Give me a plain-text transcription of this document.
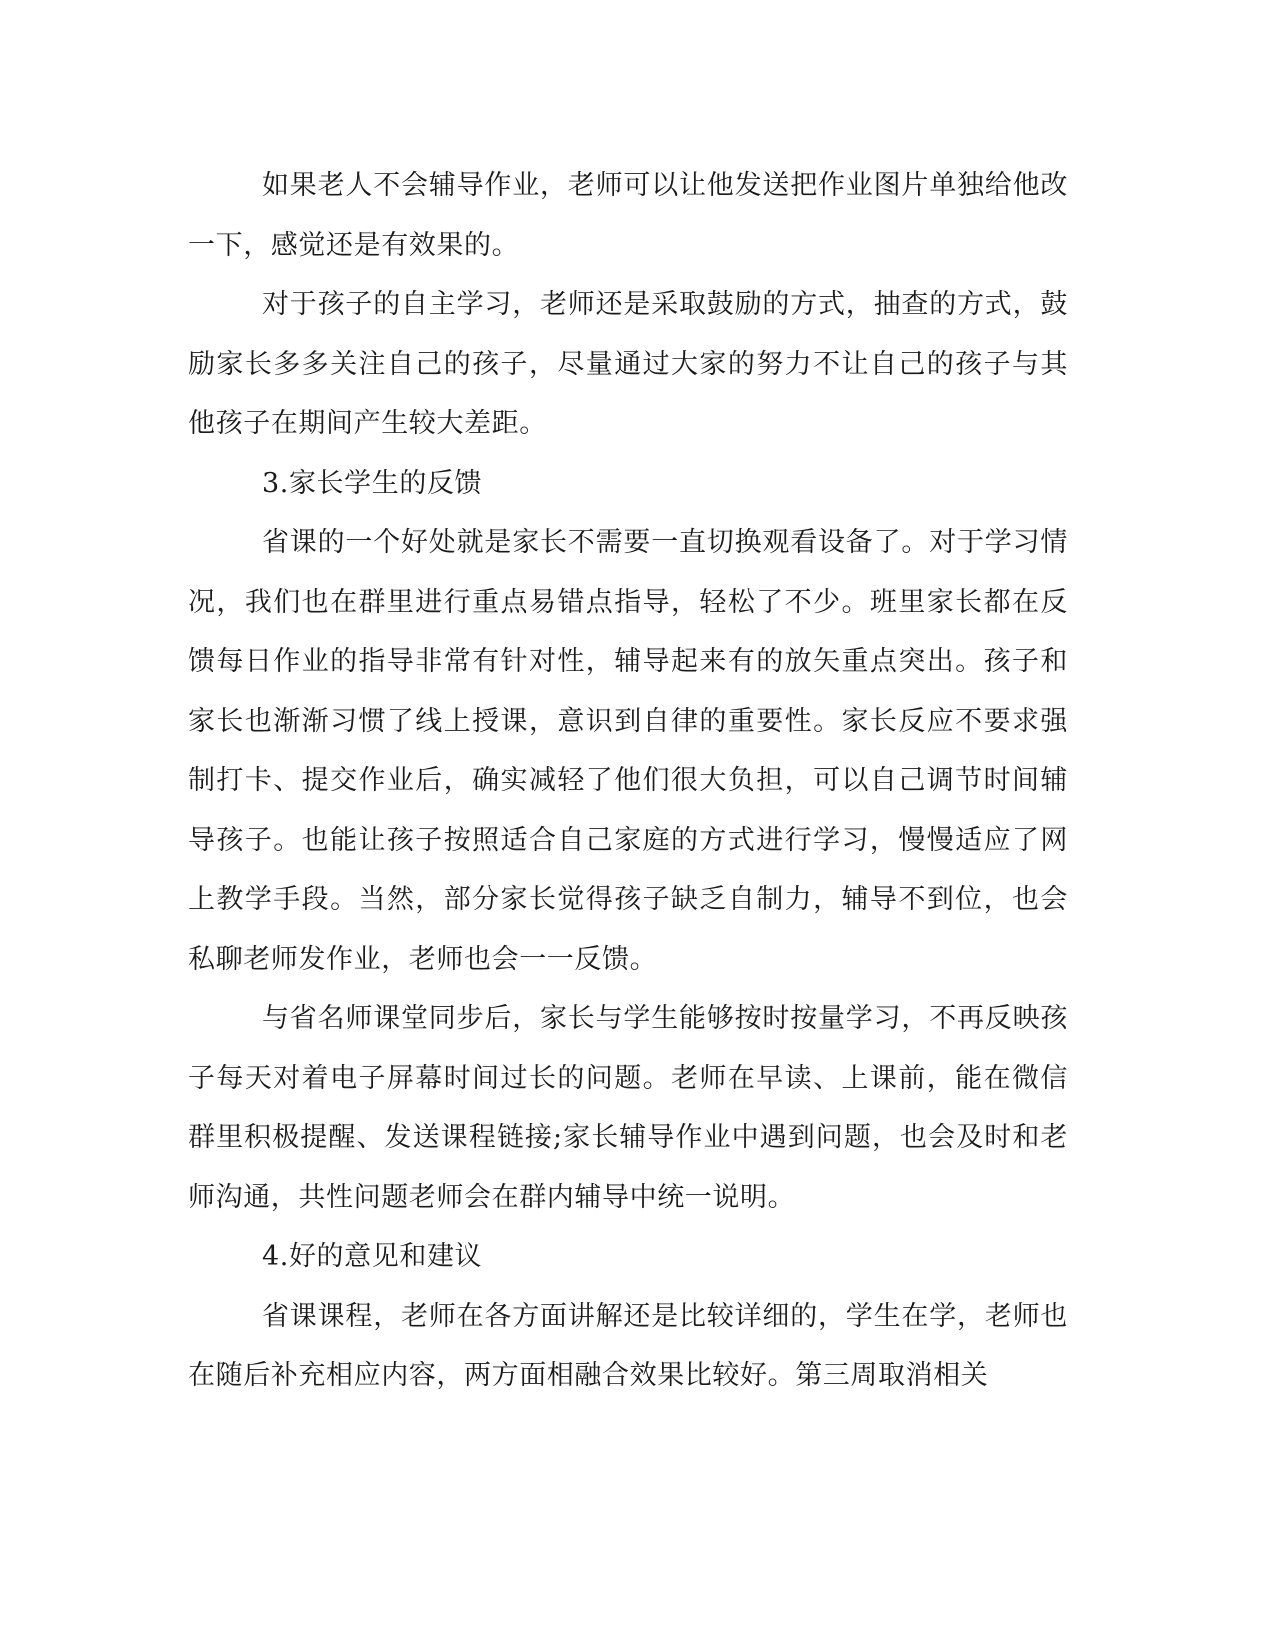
如果老人不会辅导作业，老师可以让他发送把作业图片单独给他改一下，感觉还是有效果的。

对于孩子的自主学习，老师还是采取鼓励的方式，抽查的方式，鼓励家长多多关注自己的孩子，尽量通过大家的努力不让自己的孩子与其他孩子在期间产生较大差距。

3.家长学生的反馈

省课的一个好处就是家长不需要一直切换观看设备了。对于学习情况，我们也在群里进行重点易错点指导，轻松了不少。班里家长都在反馈每日作业的指导非常有针对性，辅导起来有的放矢重点突出。孩子和家长也渐渐习惯了线上授课，意识到自律的重要性。家长反应不要求强制打卡、提交作业后，确实减轻了他们很大负担，可以自己调节时间辅导孩子。也能让孩子按照适合自己家庭的方式进行学习，慢慢适应了网上教学手段。当然，部分家长觉得孩子缺乏自制力，辅导不到位，也会私聊老师发作业，老师也会一一反馈。

与省名师课堂同步后，家长与学生能够按时按量学习，不再反映孩子每天对着电子屏幕时间过长的问题。老师在早读、上课前，能在微信群里积极提醒、发送课程链接;家长辅导作业中遇到问题，也会及时和老师沟通，共性问题老师会在群内辅导中统一说明。

4.好的意见和建议

省课课程，老师在各方面讲解还是比较详细的，学生在学，老师也在随后补充相应内容，两方面相融合效果比较好。第三周取消相关
